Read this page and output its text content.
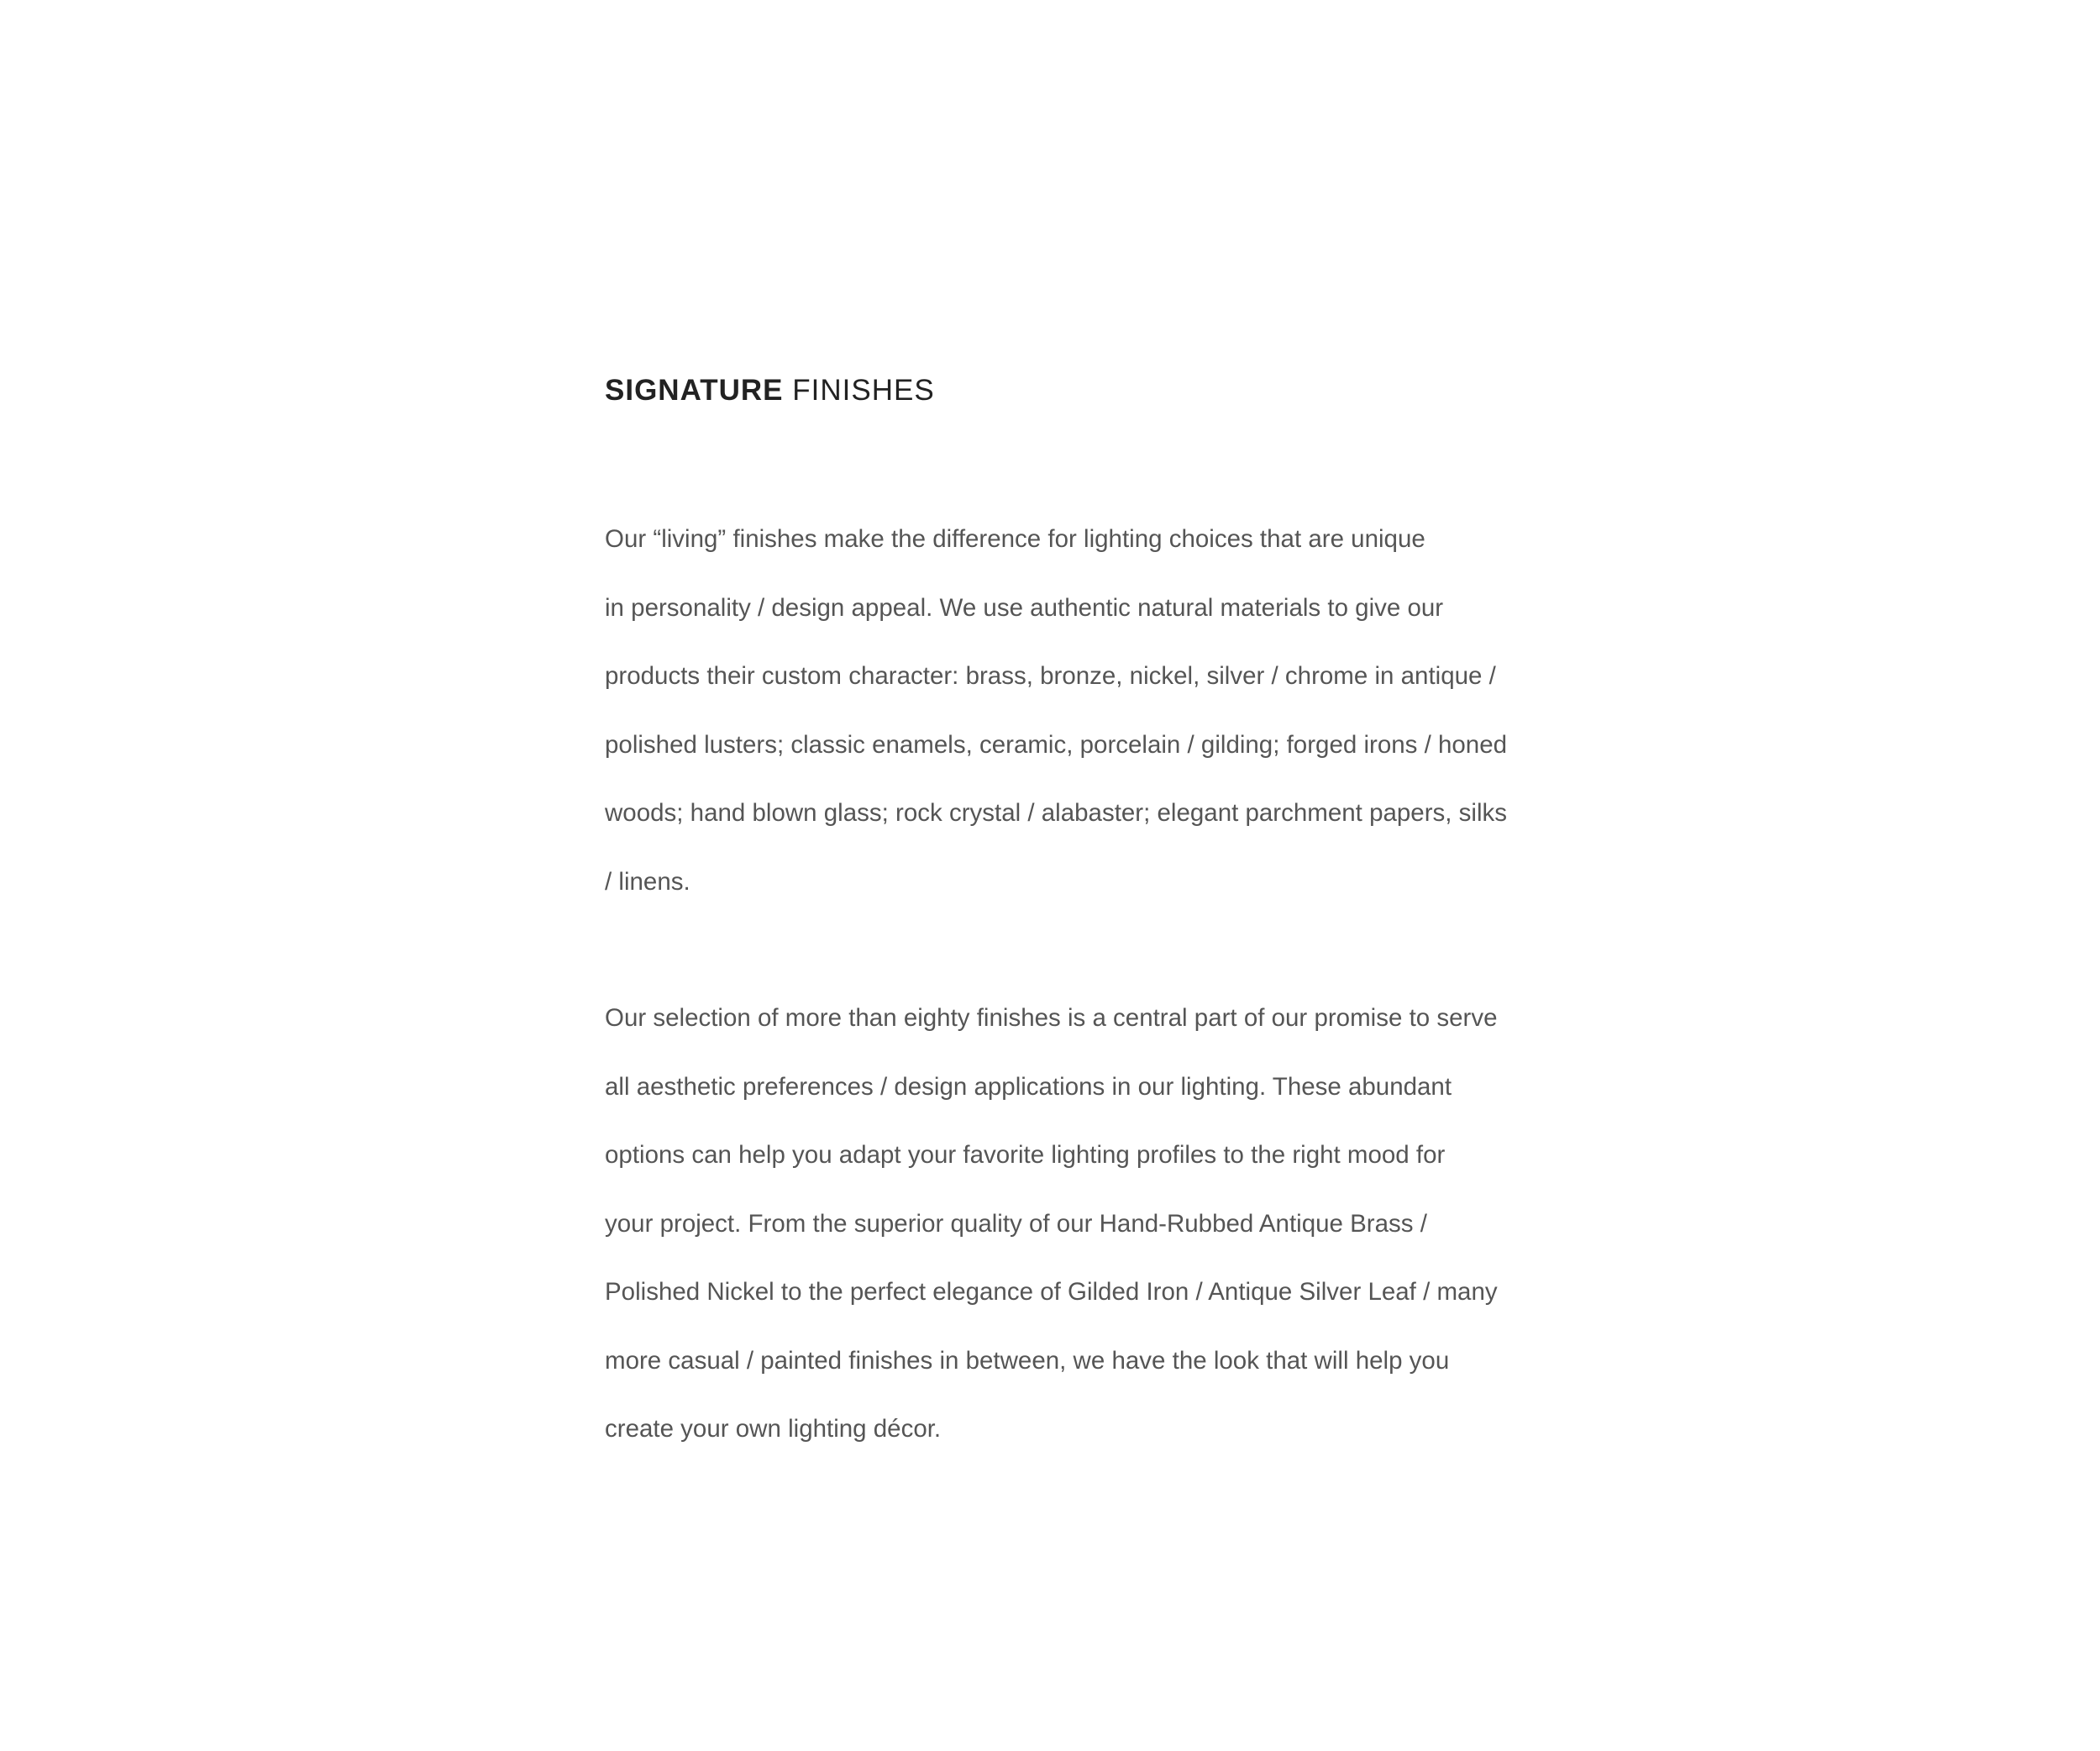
SIGNATURE FINISHES

Our “living” finishes make the difference for lighting choices that are unique
in personality / design appeal. We use authentic natural materials to give our
products their custom character: brass, bronze, nickel, silver / chrome in antique /
polished lusters; classic enamels, ceramic, porcelain / gilding; forged irons / honed
woods; hand blown glass; rock crystal / alabaster; elegant parchment papers, silks
/ linens.

Our selection of more than eighty finishes is a central part of our promise to serve
all aesthetic preferences / design applications in our lighting. These abundant
options can help you adapt your favorite lighting profiles to the right mood for
your project. From the superior quality of our Hand-Rubbed Antique Brass /
Polished Nickel to the perfect elegance of Gilded Iron / Antique Silver Leaf / many
more casual / painted finishes in between, we have the look that will help you
create your own lighting décor.
